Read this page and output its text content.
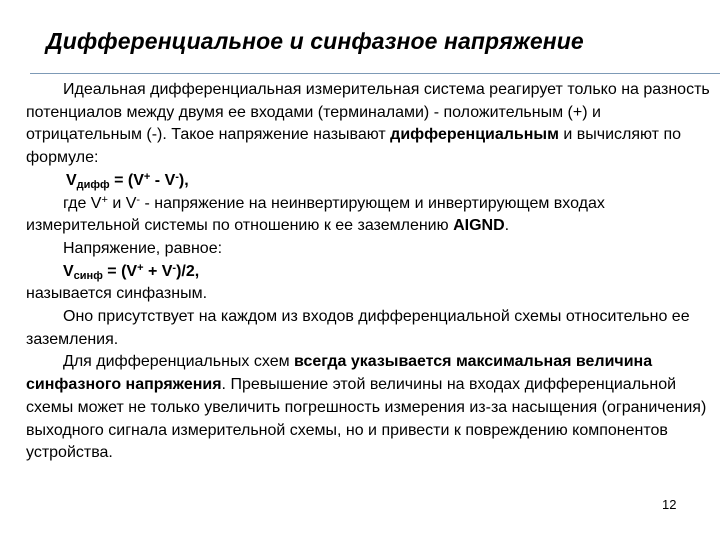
Дифференциальное и синфазное напряжение

Идеальная дифференциальная измерительная система реагирует только на разность потенциалов между двумя ее входами (терминалами) - положительным (+) и отрицательным (-). Такое напряжение называют дифференциальным и вычисляют по формуле:

$V_{дифф} = (V^+ - V^-)$,

где V+ и V- - напряжение на неинвертирующем и инвертирующем входах измерительной системы по отношению к ее заземлению AIGND.

Напряжение, равное:

$V_{синф} = (V^+ + V^-)/2$,

называется синфазным.

Оно присутствует на каждом из входов дифференциальной схемы относительно ее заземления.

Для дифференциальных схем всегда указывается максимальная величина синфазного напряжения. Превышение этой величины на входах дифференциальной схемы может не только увеличить погрешность измерения из-за насыщения (ограничения) выходного сигнала измерительной схемы, но и привести к повреждению компонентов устройства.

12
